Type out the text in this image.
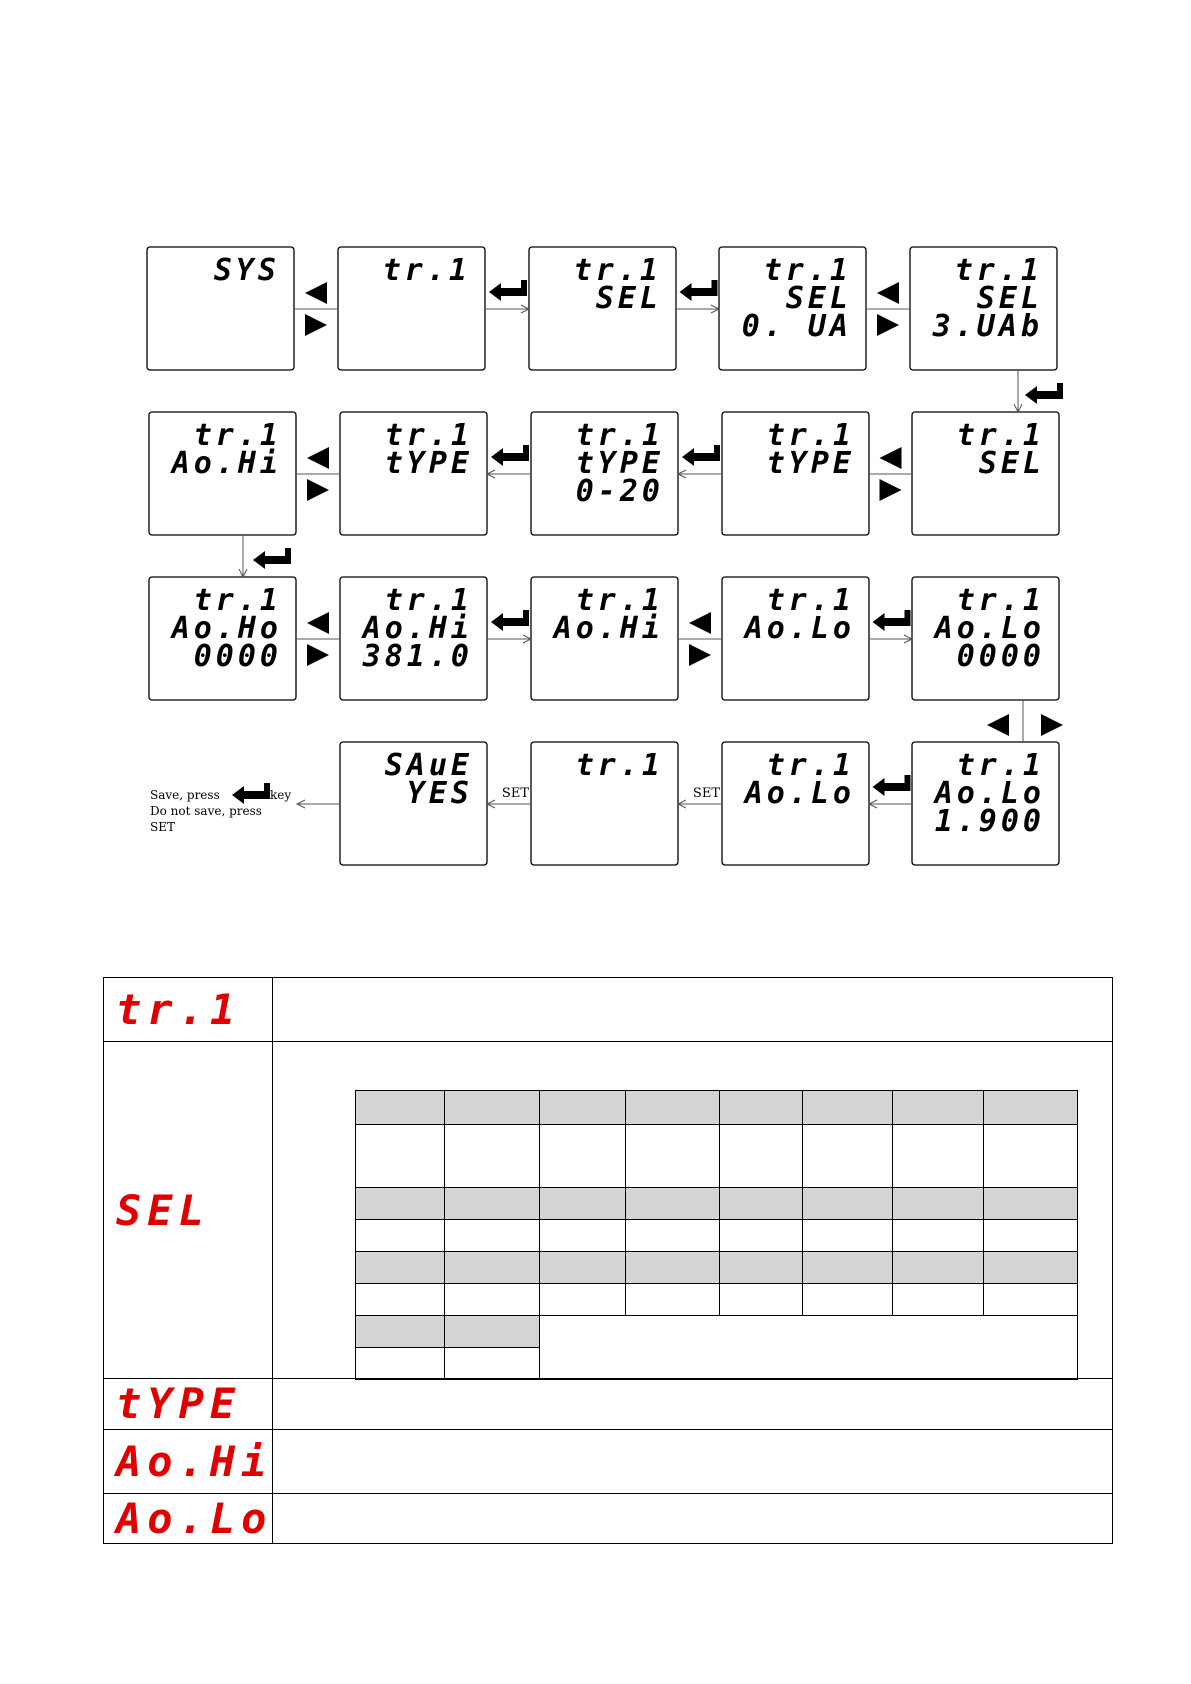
SYS	tr.1	tr.1
SEL
tr.1
SEL
0. UA
tr.1
SEL
3.UAb
tr.1
SEL
tr.1
tYPE
tr.1
tYPE
0-20
tr.1
tYPE
tr.1
Ao.Hi
tr.1
Ao.Ho
0000
tr.1
Ao.Hi
381.0
tr.1
Ao.Hi
tr.1
Ao.Lo
tr.1
Ao.Lo
0000
tr.1
Ao.Lo
1.900
tr.1
Ao.Lo
tr.1
SAuE
YES	SET
SET
Save, press	key
Do not save, press
SET
tr.1	
SEL	

tYPE	
Ao.Hi	
Ao.Lo	
